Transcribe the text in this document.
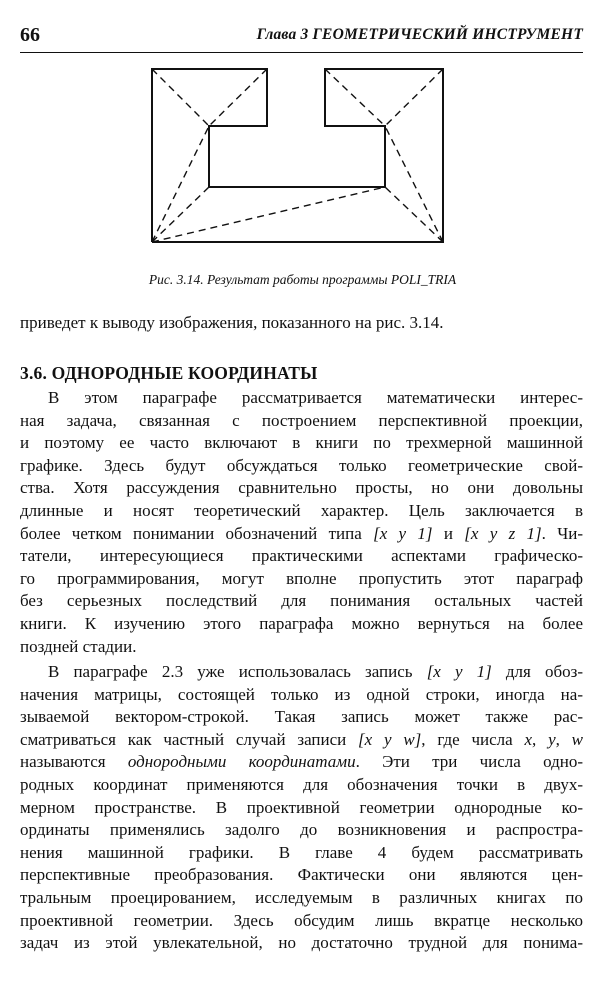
66	Глава 3 ГЕОМЕТРИЧЕСКИЙ ИНСТРУМЕНТ
Рис. 3.14. Результат работы программы POLI_TRIA
приведет к выводу изображения, показанного на рис. 3.14.
3.6. ОДНОРОДНЫЕ КООРДИНАТЫ
В этом параграфе рассматривается математически интерес-
ная задача, связанная с построением перспективной проекции,
и поэтому ее часто включают в книги по трехмерной машинной
графике. Здесь будут обсуждаться только геометрические свой-
ства. Хотя рассуждения сравнительно просты, но они довольны
длинные и носят теоретический характер. Цель заключается в
более четком понимании обозначений типа [x y 1] и [x y z 1]. Чи-
татели, интересующиеся практическими аспектами графическо-
го программирования, могут вполне пропустить этот параграф
без серьезных последствий для понимания остальных частей
книги. К изучению этого параграфа можно вернуться на более
поздней стадии.
В параграфе 2.3 уже использовалась запись [x y 1] для обоз-
начения матрицы, состоящей только из одной строки, иногда на-
зываемой вектором-строкой. Такая запись может также рас-
сматриваться как частный случай записи [x y w], где числа x, y, w
называются однородными координатами. Эти три числа одно-
родных координат применяются для обозначения точки в двух-
мерном пространстве. В проективной геометрии однородные ко-
ординаты применялись задолго до возникновения и распростра-
нения машинной графики. В главе 4 будем рассматривать
перспективные преобразования. Фактически они являются цен-
тральным проецированием, исследуемым в различных книгах по
проективной геометрии. Здесь обсудим лишь вкратце несколько
задач из этой увлекательной, но достаточно трудной для понима-
